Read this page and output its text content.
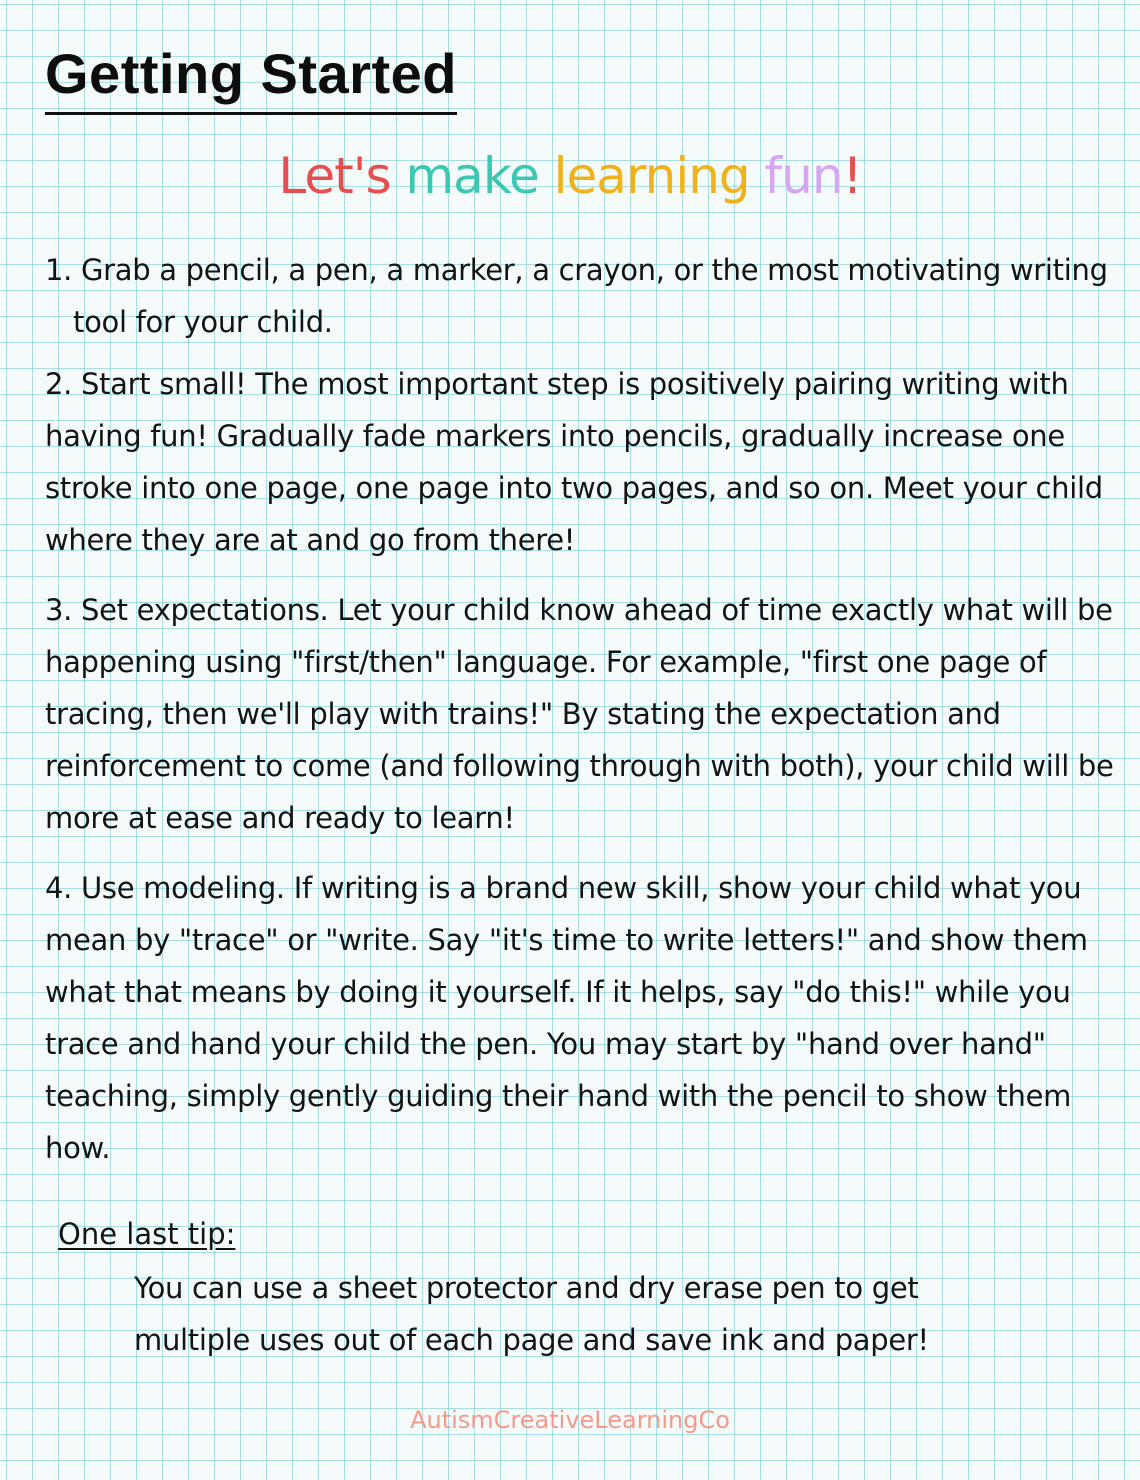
Getting Started
Let's make learning fun!

1. Grab a pencil, a pen, a marker, a crayon, or the most motivating writing tool for your child.

2. Start small! The most important step is positively pairing writing with having fun! Gradually fade markers into pencils, gradually increase one stroke into one page, one page into two pages, and so on. Meet your child where they are at and go from there!

3. Set expectations. Let your child know ahead of time exactly what will be happening using "first/then" language. For example, "first one page of tracing, then we'll play with trains!" By stating the expectation and reinforcement to come (and following through with both), your child will be more at ease and ready to learn!

4. Use modeling. If writing is a brand new skill, show your child what you mean by "trace" or "write. Say "it's time to write letters!" and show them what that means by doing it yourself. If it helps, say "do this!" while you trace and hand your child the pen. You may start by "hand over hand" teaching, simply gently guiding their hand with the pencil to show them how.

One last tip:
You can use a sheet protector and dry erase pen to get multiple uses out of each page and save ink and paper!
AutismCreativeLearningCo
